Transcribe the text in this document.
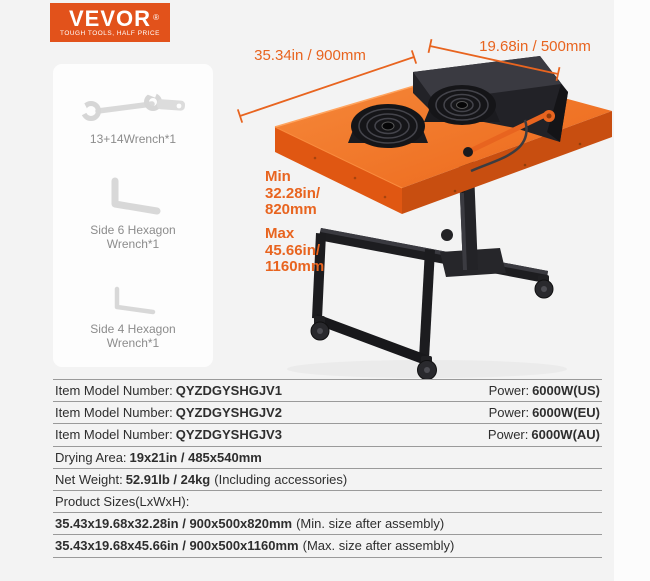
VEVOR ®
TOUGH TOOLS, HALF PRICE
13+14Wrench*1
Side 6 Hexagon Wrench*1
Side 4 Hexagon Wrench*1
35.34in / 900mm
19.68in / 500mm
Min
32.28in/
820mm
Max
45.66in/
1160mm
Item Model Number: QYZDGYSHGJV1	Power: 6000W(US)
Item Model Number: QYZDGYSHGJV2	Power: 6000W(EU)
Item Model Number: QYZDGYSHGJV3	Power: 6000W(AU)
Drying Area: 19x21in / 485x540mm
Net Weight: 52.91lb / 24kg (Including accessories)
Product Sizes(LxWxH):
35.43x19.68x32.28in / 900x500x820mm (Min. size after assembly)
35.43x19.68x45.66in / 900x500x1160mm (Max. size after assembly)
